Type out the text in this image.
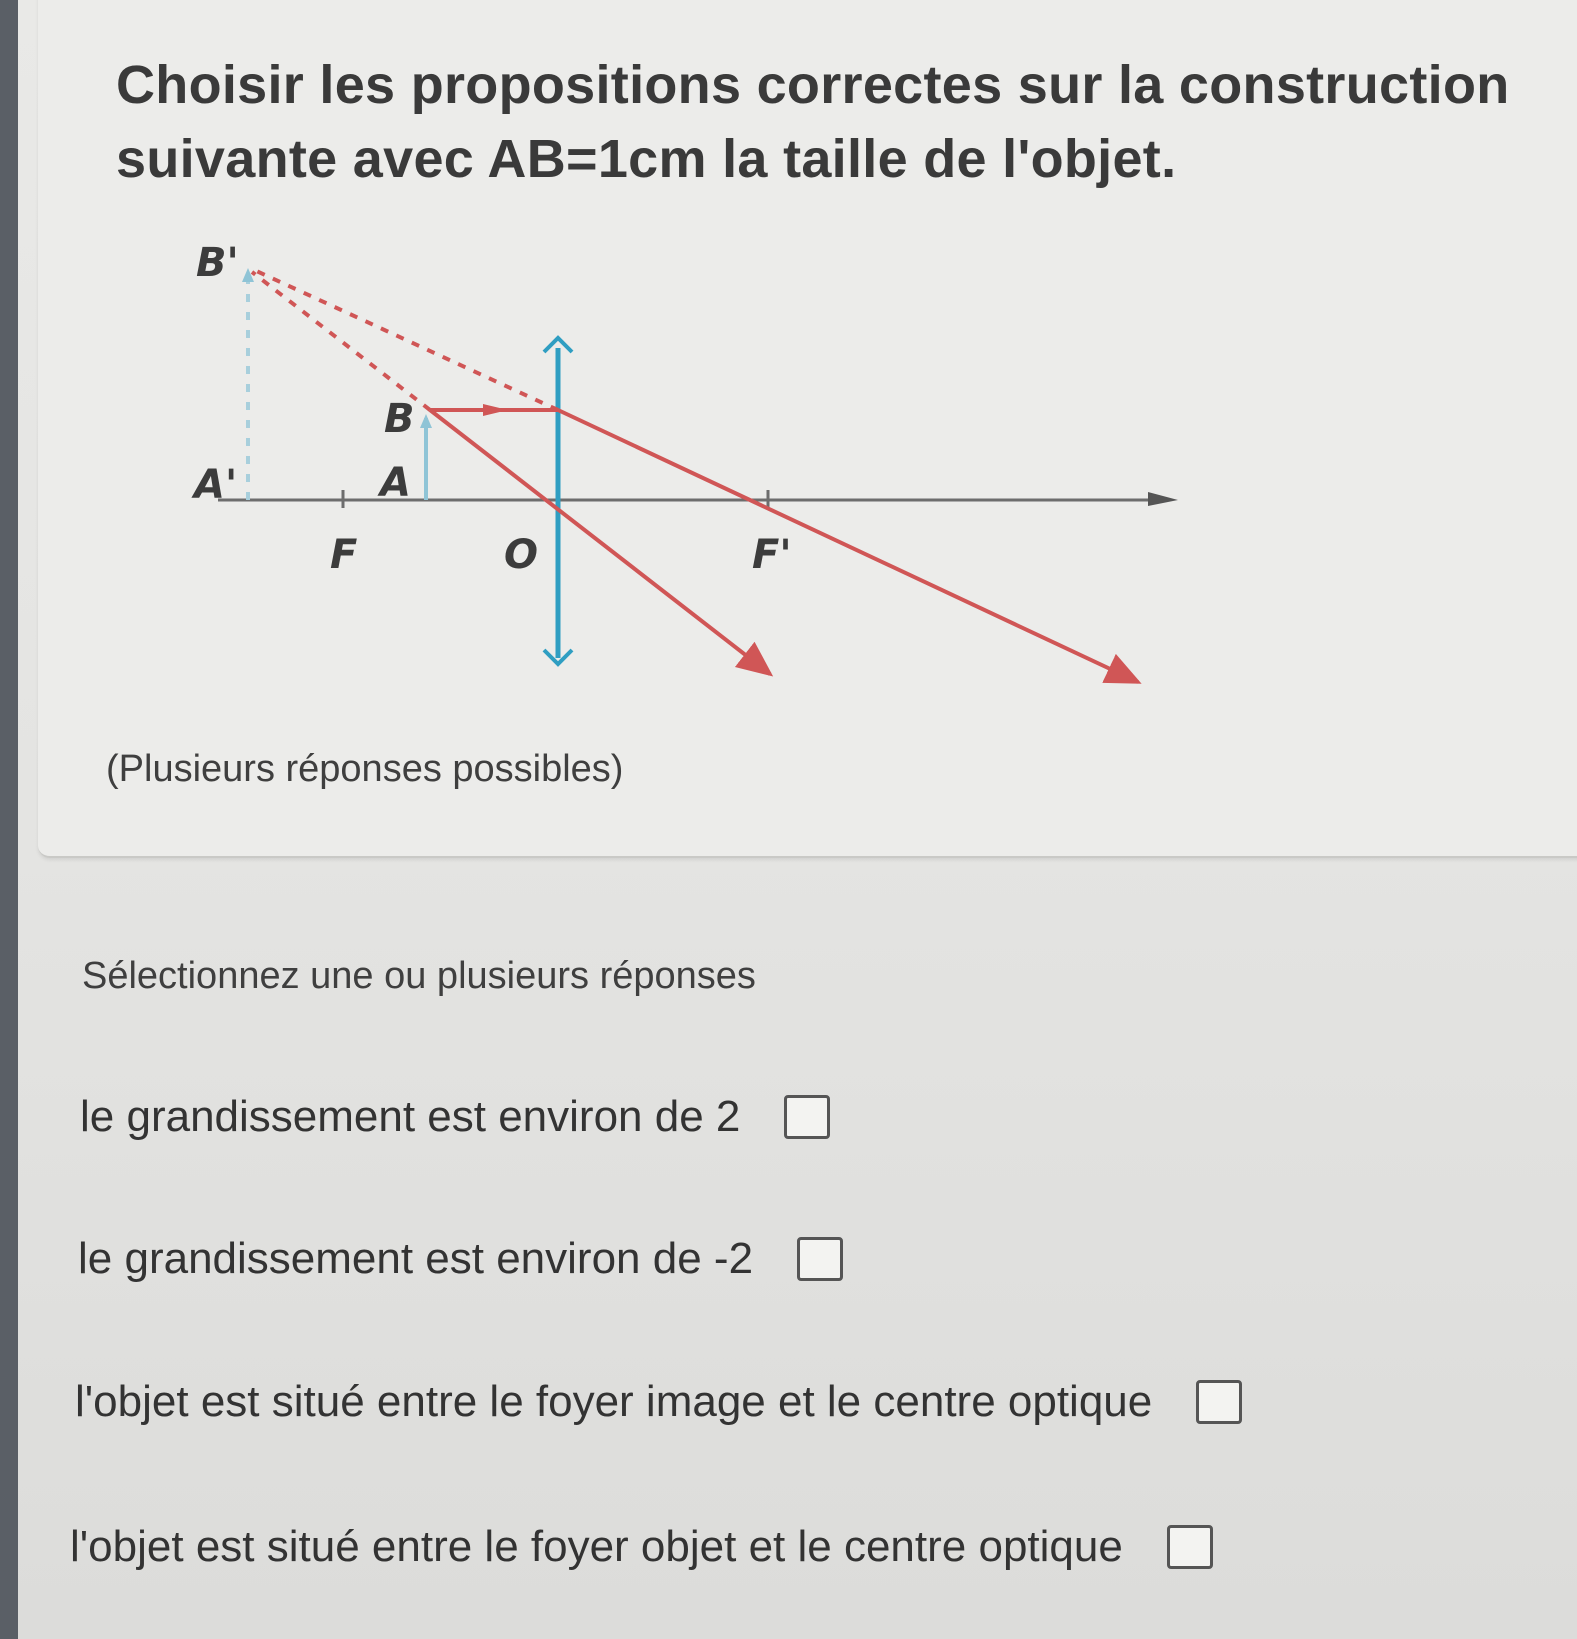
Choisir les propositions correctes sur la construction suivante avec AB=1cm la taille de l'objet.
B'
A'
B
A
F	O	F'

(Plusieurs réponses possibles)

Sélectionnez une ou plusieurs réponses

le grandissement est environ de 2
le grandissement est environ de -2
l'objet est situé entre le foyer image et le centre optique
l'objet est situé entre le foyer objet et le centre optique
